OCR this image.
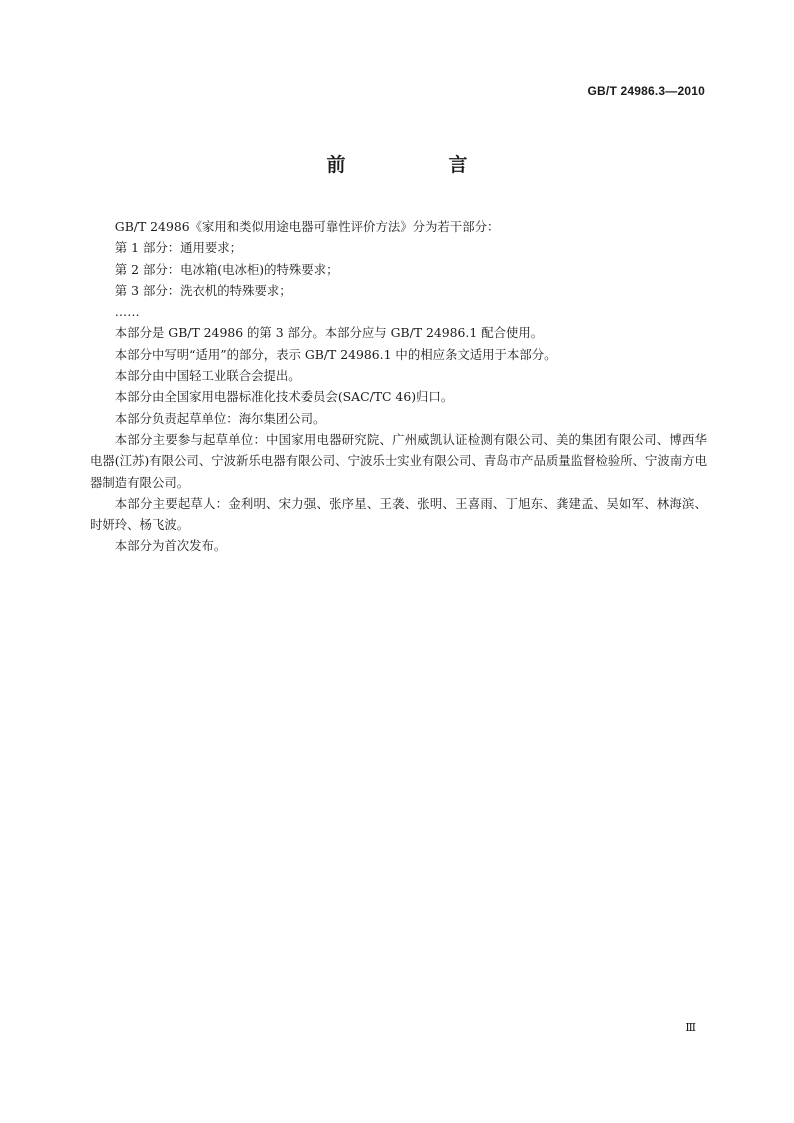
GB/T 24986.3—2010
前　言

GB/T 24986《家用和类似用途电器可靠性评价方法》分为若干部分：

第 1 部分：通用要求；

第 2 部分：电冰箱(电冰柜)的特殊要求；

第 3 部分：洗衣机的特殊要求；

……

本部分是 GB/T 24986 的第 3 部分。本部分应与 GB/T 24986.1 配合使用。

本部分中写明“适用”的部分，表示 GB/T 24986.1 中的相应条文适用于本部分。

本部分由中国轻工业联合会提出。

本部分由全国家用电器标准化技术委员会(SAC/TC 46)归口。

本部分负责起草单位：海尔集团公司。

本部分主要参与起草单位：中国家用电器研究院、广州威凯认证检测有限公司、美的集团有限公司、博西华电器(江苏)有限公司、宁波新乐电器有限公司、宁波乐士实业有限公司、青岛市产品质量监督检验所、宁波南方电器制造有限公司。

本部分主要起草人：金利明、宋力强、张序星、王袭、张明、王喜雨、丁旭东、龚建孟、吴如军、林海滨、时妍玲、杨飞波。

本部分为首次发布。

Ⅲ
